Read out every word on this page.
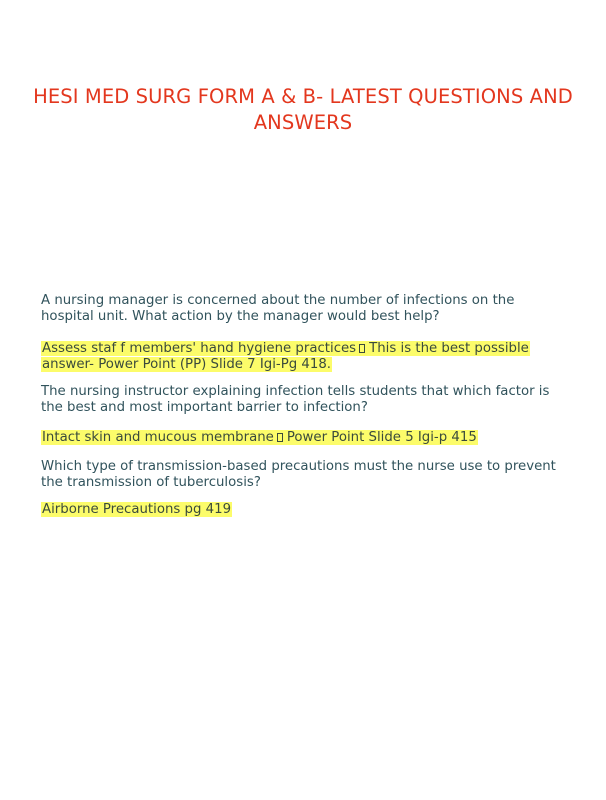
HESI MED SURG FORM A & B- LATEST QUESTIONS AND ANSWERS
A nursing manager is concerned about the number of infections on the hospital unit. What action by the manager would best help?
Assess staf f members' hand hygiene practices This is the best possible answer- Power Point (PP) Slide 7 Igi-Pg 418.
The nursing instructor explaining infection tells students that which factor is the best and most important barrier to infection?
Intact skin and mucous membrane Power Point Slide 5 Igi-p 415
Which type of transmission-based precautions must the nurse use to prevent the transmission of tuberculosis?
Airborne Precautions pg 419
